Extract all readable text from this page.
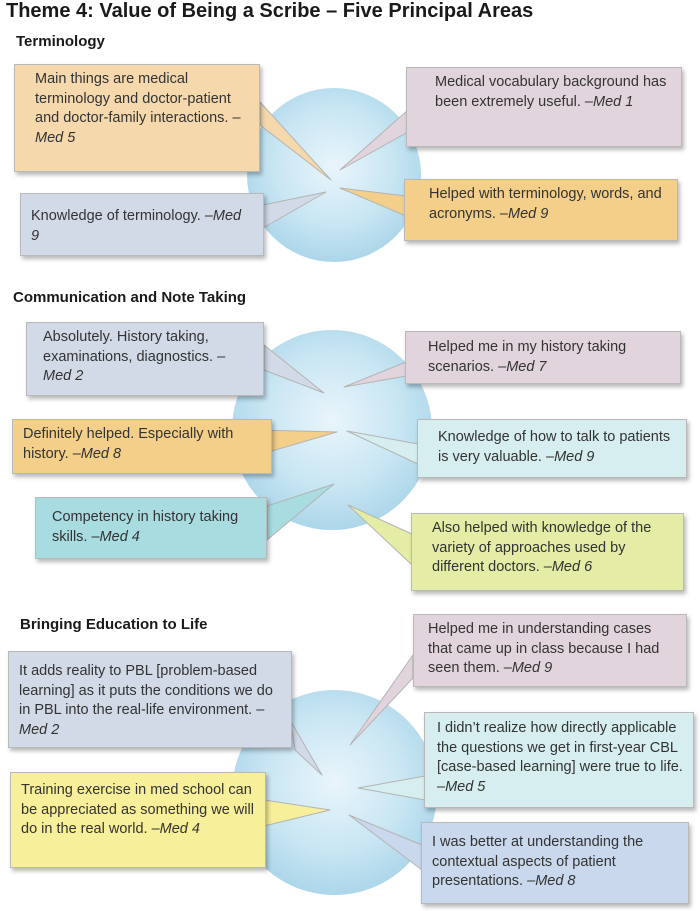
Theme 4: Value of Being a Scribe – Five Principal Areas
Terminology
Main things are medical terminology and doctor-patient and doctor-family interactions. –Med 5
Medical vocabulary background has been extremely useful. –Med 1
Knowledge of terminology. –Med 9
Helped with terminology, words, and acronyms. –Med 9
Communication and Note Taking
Absolutely. History taking, examinations, diagnostics. –Med 2
Helped me in my history taking scenarios. –Med 7
Definitely helped. Especially with history. –Med 8
Knowledge of how to talk to patients is very valuable. –Med 9
Competency in history taking skills. –Med 4
Also helped with knowledge of the variety of approaches used by different doctors. –Med 6
Bringing Education to Life	Helped me in understanding cases that came up in class because I had seen them. –Med 9
It adds reality to PBL [problem-based learning] as it puts the conditions we do in PBL into the real-life environment. –Med 2	I didn’t realize how directly applicable the questions we get in first-year CBL [case-based learning] were true to life. –Med 5
Training exercise in med school can be appreciated as something we will do in the real world. –Med 4
I was better at understanding the contextual aspects of patient presentations. –Med 8
